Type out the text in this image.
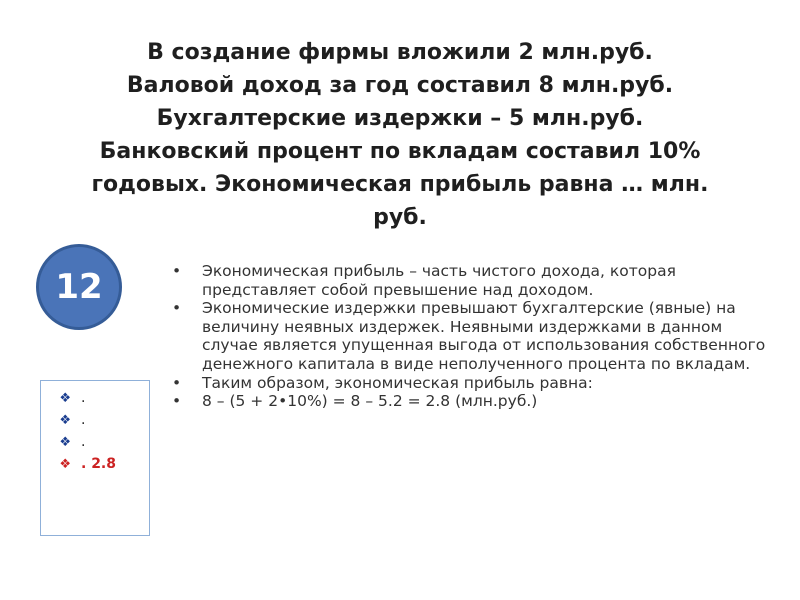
В создание фирмы вложили 2 млн.руб.
Валовой доход за год составил 8 млн.руб.
Бухгалтерские издержки – 5 млн.руб.
Банковский процент по вкладам составил 10%
годовых. Экономическая прибыль равна … млн.
руб.
12
❖ .
❖ .
❖ .
❖ . 2.8
•	Экономическая прибыль – часть чистого дохода, которая представляет собой превышение над доходом.
•	Экономические издержки превышают бухгалтерские (явные) на величину неявных издержек. Неявными издержками в данном случае является упущенная выгода от использования собственного денежного капитала в виде неполученного процента по вкладам.
•	Таким образом, экономическая прибыль равна:
•	8 – (5 + 2•10%) = 8 – 5.2 = 2.8 (млн.руб.)
